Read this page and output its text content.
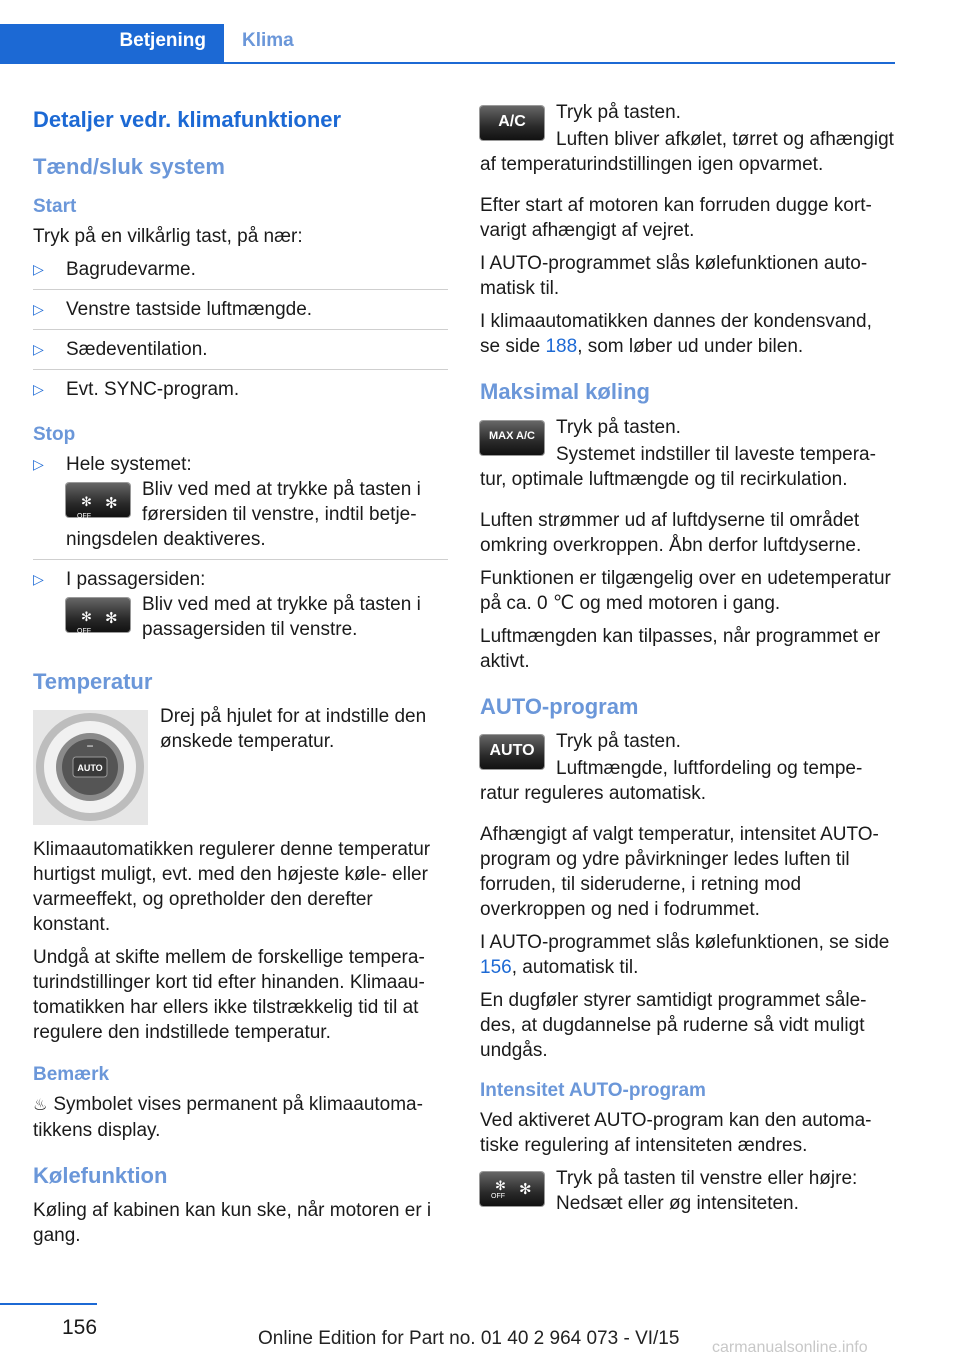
Betjening Klima
Detaljer vedr. klimafunktioner
Tænd/sluk system
Start

Tryk på en vilkårlig tast, på nær:

▷ Bagrudevarme.
▷ Venstre tastside luftmængde.
▷ Sædeventilation.
▷ Evt. SYNC-program.
Stop
▷ Hele systemet:
✻
OFF
✻
Bliv ved med at trykke på tasten i førersiden til venstre, indtil betjeningsdelen deaktiveres.
▷ I passagersiden:
✻
OFF
✻
Bliv ved med at trykke på tasten i passagersiden til venstre.
Temperatur
AUTO
−

Drej på hjulet for at indstille den ønskede temperatur.

Klimaautomatikken regulerer denne temperatur hurtigst muligt, evt. med den højeste køle- eller varmeeffekt, og opretholder den derefter konstant.

Undgå at skifte mellem de forskellige temperaturindstillinger kort tid efter hinanden. Klimaautomatikken har ellers ikke tilstrækkelig tid til at regulere den indstillede temperatur.

Bemærk

♨ Symbolet vises permanent på klimaautomatikkens display.

Kølefunktion

Køling af kabinen kan kun ske, når motoren er i gang.

A/C	Tryk på tasten.

Luften bliver afkølet, tørret og afhængigt af temperaturindstillingen igen opvarmet.

Efter start af motoren kan forruden dugge kortvarigt afhængigt af vejret.

I AUTO-programmet slås kølefunktionen automatisk til.

I klimaautomatikken dannes der kondensvand, se side 188, som løber ud under bilen.

Maksimal køling
MAX A/C	Tryk på tasten.

Systemet indstiller til laveste temperatur, optimale luftmængde og til recirkulation.

Luften strømmer ud af luftdyserne til området omkring overkroppen. Åbn derfor luftdyserne.

Funktionen er tilgængelig over en udetemperatur på ca. 0 ℃ og med motoren i gang.

Luftmængden kan tilpasses, når programmet er aktivt.

AUTO-program
AUTO	Tryk på tasten.

Luftmængde, luftfordeling og temperatur reguleres automatisk.

Afhængigt af valgt temperatur, intensitet AUTO-program og ydre påvirkninger ledes luften til forruden, til sideruderne, i retning mod overkroppen og ned i fodrummet.

I AUTO-programmet slås kølefunktionen, se side 156, automatisk til.

En dugføler styrer samtidigt programmet således, at dugdannelse på ruderne så vidt muligt undgås.

Intensitet AUTO-program

Ved aktiveret AUTO-program kan den automatiske regulering af intensiteten ændres.

✻
OFF ✻

Tryk på tasten til venstre eller højre: Nedsæt eller øg intensiteten.

156	Online Edition for Part no. 01 40 2 964 073 - VI/15 carmanualsonline.info
